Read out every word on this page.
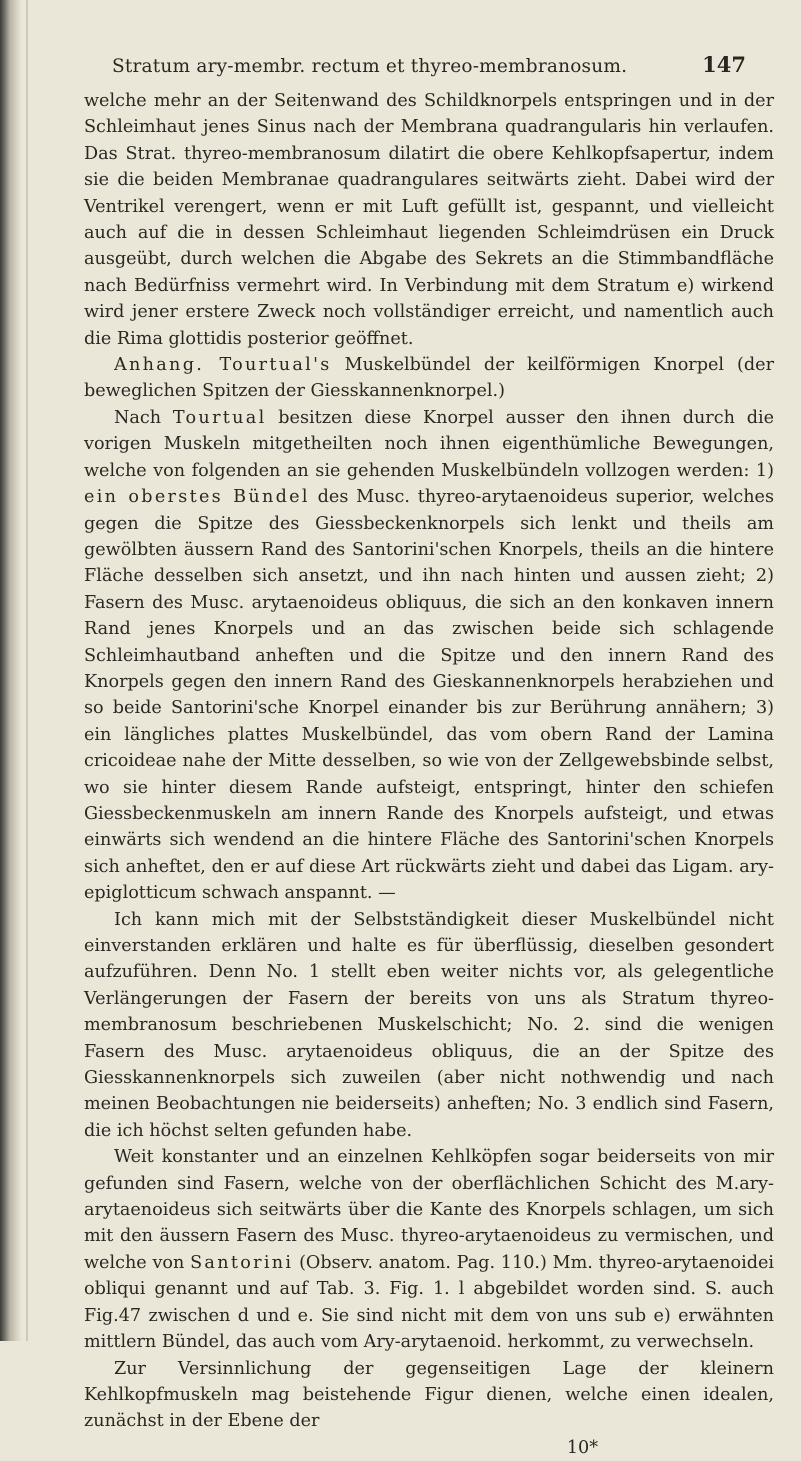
Stratum ary-membr. rectum et thyreo-membranosum.	147

welche mehr an der Seitenwand des Schildknorpels entspringen und in der Schleimhaut jenes Sinus nach der Membrana quadrangularis hin verlaufen. Das Strat. thyreo-membranosum dilatirt die obere Kehlkopfsapertur, indem sie die beiden Membranae quadrangulares seitwärts zieht. Dabei wird der Ventrikel verengert, wenn er mit Luft gefüllt ist, gespannt, und vielleicht auch auf die in dessen Schleimhaut liegenden Schleimdrüsen ein Druck ausgeübt, durch welchen die Abgabe des Sekrets an die Stimmbandfläche nach Bedürfniss vermehrt wird. In Verbindung mit dem Stratum e) wirkend wird jener erstere Zweck noch vollständiger erreicht, und namentlich auch die Rima glottidis posterior geöffnet.

Anhang. Tourtual's Muskelbündel der keilförmigen Knorpel (der beweglichen Spitzen der Giesskannenknorpel.)

Nach Tourtual besitzen diese Knorpel ausser den ihnen durch die vorigen Muskeln mitgetheilten noch ihnen eigenthümliche Bewegungen, welche von folgenden an sie gehenden Muskelbündeln vollzogen werden: 1) ein oberstes Bündel des Musc. thyreo-arytaenoideus superior, welches gegen die Spitze des Giessbeckenknorpels sich lenkt und theils am gewölbten äussern Rand des Santorini'schen Knorpels, theils an die hintere Fläche desselben sich ansetzt, und ihn nach hinten und aussen zieht; 2) Fasern des Musc. arytaenoideus obliquus, die sich an den konkaven innern Rand jenes Knorpels und an das zwischen beide sich schlagende Schleimhautband anheften und die Spitze und den innern Rand des Knorpels gegen den innern Rand des Gieskannenknorpels herabziehen und so beide Santorini'sche Knorpel einander bis zur Berührung annähern; 3) ein längliches plattes Muskelbündel, das vom obern Rand der Lamina cricoideae nahe der Mitte desselben, so wie von der Zellgewebsbinde selbst, wo sie hinter diesem Rande aufsteigt, entspringt, hinter den schiefen Giessbeckenmuskeln am innern Rande des Knorpels aufsteigt, und etwas einwärts sich wendend an die hintere Fläche des Santorini'schen Knorpels sich anheftet, den er auf diese Art rückwärts zieht und dabei das Ligam. ary-epiglotticum schwach anspannt. —

Ich kann mich mit der Selbstständigkeit dieser Muskelbündel nicht einverstanden erklären und halte es für überflüssig, dieselben gesondert aufzuführen. Denn No. 1 stellt eben weiter nichts vor, als gelegentliche Verlängerungen der Fasern der bereits von uns als Stratum thyreo-membranosum beschriebenen Muskelschicht; No. 2. sind die wenigen Fasern des Musc. arytaenoideus obliquus, die an der Spitze des Giesskannenknorpels sich zuweilen (aber nicht nothwendig und nach meinen Beobachtungen nie beiderseits) anheften; No. 3 endlich sind Fasern, die ich höchst selten gefunden habe.

Weit konstanter und an einzelnen Kehlköpfen sogar beiderseits von mir gefunden sind Fasern, welche von der oberflächlichen Schicht des M.ary-arytaenoideus sich seitwärts über die Kante des Knorpels schlagen, um sich mit den äussern Fasern des Musc. thyreo-arytaenoideus zu vermischen, und welche von Santorini (Observ. anatom. Pag. 110.) Mm. thyreo-arytaenoidei obliqui genannt und auf Tab. 3. Fig. 1. l abgebildet worden sind. S. auch Fig.47 zwischen d und e. Sie sind nicht mit dem von uns sub e) erwähnten mittlern Bündel, das auch vom Ary-arytaenoid. herkommt, zu verwechseln.

Zur Versinnlichung der gegenseitigen Lage der kleinern Kehlkopfmuskeln mag beistehende Figur dienen, welche einen idealen, zunächst in der Ebene der

10*
